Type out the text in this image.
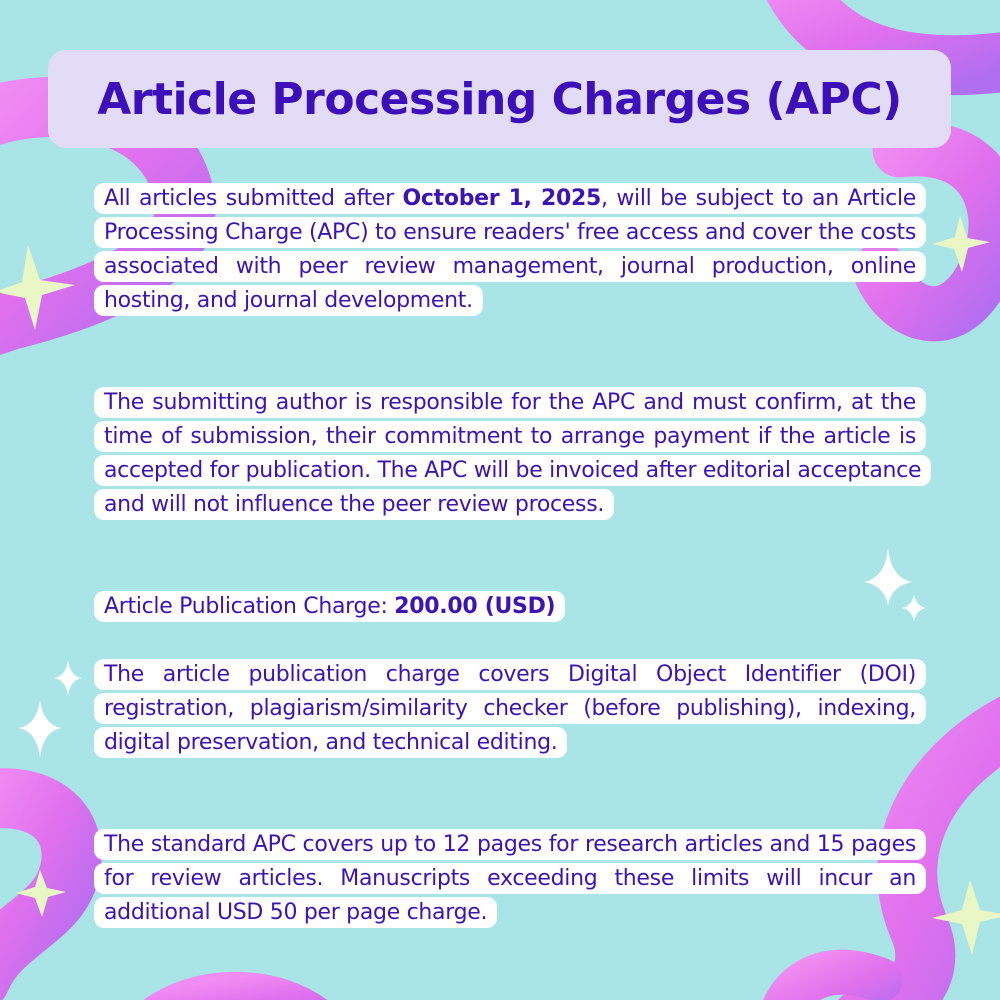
Article Processing Charges (APC)

All articles submitted after October 1, 2025, will be subject to an Article Processing Charge (APC) to ensure readers' free access and cover the costs associated with peer review management, journal production, online hosting, and journal development.

The submitting author is responsible for the APC and must confirm, at the time of submission, their commitment to arrange payment if the article is accepted for publication. The APC will be invoiced after editorial acceptance and will not influence the peer review process.

Article Publication Charge: 200.00 (USD)

The article publication charge covers Digital Object Identifier (DOI) registration, plagiarism/similarity checker (before publishing), indexing, digital preservation, and technical editing.

The standard APC covers up to 12 pages for research articles and 15 pages for review articles. Manuscripts exceeding these limits will incur an additional USD 50 per page charge.
